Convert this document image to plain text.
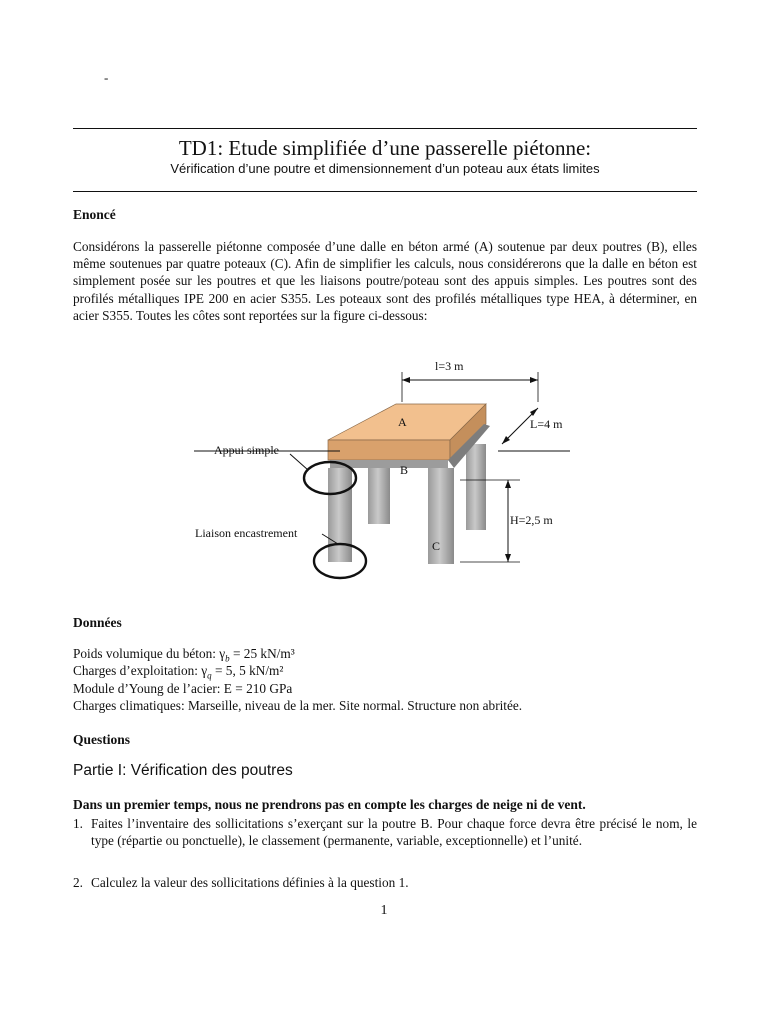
-
TD1: Etude simplifiée d’une passerelle piétonne:
Vérification d’une poutre et dimensionnement d’un poteau aux états limites
Enoncé
Considérons la passerelle piétonne composée d’une dalle en béton armé (A) soutenue par deux poutres (B), elles même soutenues par quatre poteaux (C). Afin de simplifier les calculs, nous considérerons que la dalle en béton est simplement posée sur les poutres et que les liaisons poutre/poteau sont des appuis simples. Les poutres sont des profilés métalliques IPE 200 en acier S355. Les poteaux sont des profilés métalliques type HEA, à déterminer, en acier S355. Toutes les côtes sont reportées sur la figure ci-dessous:
l=3 m
A
B
C
L=4 m
H=2,5 m
Appui simple
Liaison encastrement
Données
Poids volumique du béton: $\gamma_b = 25$ kN/m³
Charges d’exploitation: $\gamma_q = 5$, 5 kN/m²
Module d’Young de l’acier: E = 210 GPa
Charges climatiques: Marseille, niveau de la mer. Site normal. Structure non abritée.
Questions
Partie I: Vérification des poutres
Dans un premier temps, nous ne prendrons pas en compte les charges de neige ni de vent.
1. Faites l’inventaire des sollicitations s’exerçant sur la poutre B. Pour chaque force devra être précisé le nom, le type (répartie ou ponctuelle), le classement (permanente, variable, exceptionnelle) et l’unité.
2. Calculez la valeur des sollicitations définies à la question 1.
1
